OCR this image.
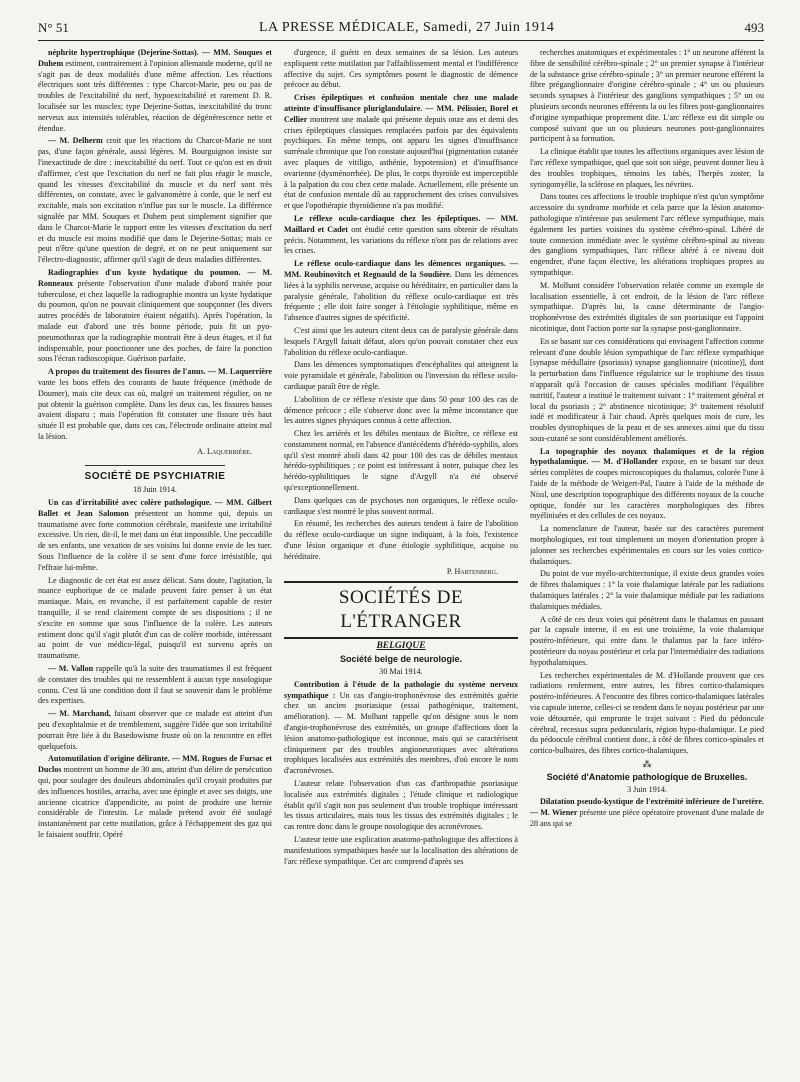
N° 51	LA PRESSE MÉDICALE, Samedi, 27 Juin 1914	493

néphrite hypertrophique (Dejerine-Sottas). — MM. Souques et Duhem estiment, contrairement à l'opinion allemande moderne, qu'il ne s'agit pas de deux modalités d'une même affection. Les réactions électriques sont très différentes : type Charcot-Marie, peu ou pas de troubles de l'excitabilité du nerf, hypoexcitabilité et rarement D. R. localisée sur les muscles; type Dejerine-Sottas, inexcitabilité du tronc nerveux aux intensités tolérables, réaction de dégénérescence nette et étendue.

— M. Delherm croit que les réactions du Charcot-Marie ne sont pas, d'une façon générale, aussi légères. M. Bourguignon insiste sur l'inexactitude de dire : inexcitabilité du nerf. Tout ce qu'on est en droit d'affirmer, c'est que l'excitation du nerf ne fait plus réagir le muscle, quand les vitesses d'excitabilité du muscle et du nerf sont très différentes, on constate, avec le galvanomètre à corde, que le nerf est excitable, mais son excitation n'influe pas sur le muscle. La différence signalée par MM. Souques et Duhem peut simplement signifier que dans le Charcot-Marie le rapport entre les vitesses d'excitation du nerf et du muscle est moins modifié que dans le Dejerine-Sottas; mais ce peut n'être qu'une question de degré, et on ne peut uniquement sur l'électro-diagnostic, affirmer qu'il s'agit de deux maladies différentes.

Radiographies d'un kyste hydatique du poumon. — M. Ronneaux présente l'observation d'une malade d'abord traitée pour tuberculose, et chez laquelle la radiographie montra un kyste hydatique du poumon, qu'on ne pouvait cliniquement que soupçonner (les divers autres procédés de laboratoire étaient négatifs). Après l'opération, la malade eut d'abord une très bonne période, puis fit un pyo-pneumothorax que la radiographie montrait être à deux étages, et il fut indispensable, pour ponctionner une des poches, de faire la ponction sous l'écran radioscopique. Guérison parfaite.

A propos du traitement des fissures de l'anus. — M. Laquerrière vante les bons effets des courants de haute fréquence (méthode de Doumer), mais cite deux cas où, malgré un traitement régulier, on ne put obtenir la guérison complète. Dans les deux cas, les fissures basses avaient disparu ; mais l'opération fit constater une fissure très haut située Il est probable que, dans ces cas, l'électrode ordinaire atteint mal la lésion.

A. Laquerrière.

SOCIÉTÉ DE PSYCHIATRIE

18 Juin 1914.

Un cas d'irritabilité avec colère pathologique. — MM. Gilbert Ballet et Jean Salomon présentent un homme qui, depuis un traumatisme avec forte commotion cérébrale, manifeste une irritabilité excessive. Un rien, dit-il, le met dans un état impossible. Une peccadille de ses enfants, une vexation de ses voisins lui donne envie de les tuer. Sous l'influence de la colère il se sent d'une force irrésistible, qui l'effraie lui-même.

Le diagnostic de cet état est assez délicat. Sans doute, l'agitation, la nuance euphorique de ce malade peuvent faire penser à un état maniaque. Mais, en revanche, il est parfaitement capable de rester tranquille, il se rend clairement compte de ses dispositions ; il ne s'excite en somme que sous l'influence de la colère. Les auteurs estiment donc qu'il s'agit plutôt d'un cas de colère morbide, intéressant au point de vue médico-légal, puisqu'il est survenu après un traumatisme.

— M. Vallon rappelle qu'à la suite des traumatismes il est fréquent de constater des troubles qui ne ressemblent à aucun type nosologique connu. C'est là une condition dont il faut se souvenir dans le problème des expertises.

— M. Marchand, faisant observer que ce malade est atteint d'un peu d'exophtalmie et de tremblement, suggère l'idée que son irritabilité pourrait être liée à du Basedowisme fruste où on la rencontre en effet quelquefois.

Automutilation d'origine délirante. — MM. Rogues de Fursac et Duclos montrent un homme de 30 ans, atteint d'un délire de persécution qui, pour soulager des douleurs abdominales qu'il croyait produites par des influences hostiles, arracha, avec une épingle et avec ses doigts, une ancienne cicatrice d'appendicite, au point de produire une hernie considérable de l'intestin. Le malade prétend avoir été soulagé instantanément par cette mutilation, grâce à l'échappement des gaz qui le faisaient souffrir. Opéré

d'urgence, il guérit en deux semaines de sa lésion. Les auteurs expliquent cette mutilation par l'affaiblissement mental et l'indifférence affective du sujet. Ces symptômes posent le diagnostic de démence précoce au début.

Crises épileptiques et confusion mentale chez une malade atteinte d'insuffisance pluriglandulaire. — MM. Pélissier, Borel et Cellier montrent une malade qui présente depuis onze ans et demi des crises épileptiques classiques remplacées parfois par des équivalents psychiques. En même temps, ont apparu les signes d'insuffisance surrénale chronique que l'on constate aujourd'hui (pigmentation cutanée avec plaques de vitiligo, asthénie, hypotension) et d'insuffisance ovarienne (dysménorrhée). De plus, le corps thyroïde est imperceptible à la palpation du cou chez cette malade. Actuellement, elle présente un état de confusion mentale dû au rapprochement des crises convulsives et que l'opothérapie thyroïdienne n'a pas modifié.

Le réflexe oculo-cardiaque chez les épileptiques. — MM. Maillard et Cadet ont étudié cette question sans obtenir de résultats précis. Notamment, les variations du réflexe n'ont pas de relations avec les crises.

Le réflexe oculo-cardiaque dans les démences organiques. — MM. Roubinovitch et Regnauld de la Soudière. Dans les démences liées à la syphilis nerveuse, acquise ou héréditaire, en particulier dans la paralysie générale, l'abolition du réflexe oculo-cardiaque est très fréquente ; elle doit faire songer à l'étiologie syphilitique, même en l'absence d'autres signes de spécificité.

C'est ainsi que les auteurs citent deux cas de paralysie générale dans lesquels l'Argyll faisait défaut, alors qu'on pouvait constater chez eux l'abolition du réflexe oculo-cardiaque.

Dans les démences symptomatiques d'encéphalites qui atteignent la voie pyramidale et générale, l'abolition ou l'inversion du réflexe oculo-cardiaque paraît être de règle.

L'abolition de ce réflexe n'existe que dans 50 pour 100 des cas de démence précoce ; elle s'observe donc avec la même inconstance que les autres signes physiques connus à cette affection.

Chez les arriérés et les débiles mentaux de Bicêtre, ce réflexe est constamment normal, en l'absence d'antécédents d'hérédo-syphilis, alors qu'il s'est montré aboli dans 42 pour 100 des cas de débiles mentaux hérédo-syphilitiques ; ce point est intéressant à noter, puisque chez les hérédo-syphilitiques le signe d'Argyll n'a été observé qu'exceptionnellement.

Dans quelques cas de psychoses non organiques, le réflexe oculo-cardiaque s'est montré le plus souvent normal.

En résumé, les recherches des auteurs tendent à faire de l'abolition du réflexe oculo-cardiaque un signe indiquant, à la fois, l'existence d'une lésion organique et d'une étiologie syphilitique, acquise ou héréditaire.

P. Hartenberg.

SOCIÉTÉS DE L'ÉTRANGER

BELGIQUE

Société belge de neurologie.

30 Mai 1914.

Contribution à l'étude de la pathologie du système nerveux sympathique : Un cas d'angio-trophonévrose des extrémités guérie chez un ancien psoriasique (essai pathogénique, traitement, amélioration). — M. Molhant rappelle qu'on désigne sous le nom d'angio-trophonévrose des extrémités, un groupe d'affections dont la lésion anatomo-pathologique est inconnue, mais qui se caractérisent cliniquement par des troubles angioneurotiques avec altérations trophiques localisées aux extrémités des membres, d'où encore le nom d'acronévroses.

L'auteur relate l'observation d'un cas d'arthropathie psoriasique localisée aux extrémités digitales ; l'étude clinique et radiologique établit qu'il s'agit non pas seulement d'un trouble trophique intéressant les tissus articulaires, mais tous les tissus des extrémités digitales ; le cas rentre donc dans le groupe nosologique des acronévroses.

L'auteur tente une explication anatomo-pathologique des affections à manifestations sympathiques basée sur la localisation des altérations de l'arc réflexe sympathique. Cet arc comprend d'après ses

recherches anatomiques et expérimentales : 1° un neurone afférent la fibre de sensibilité cérébro-spinale ; 2° un premier synapse à l'intérieur de la substance grise cérébro-spinale ; 3° un premier neurone efférent la fibre préganglionnaire d'origine cérébro-spinale ; 4° un ou plusieurs seconds synapses à l'intérieur des ganglions sympathiques ; 5° un ou plusieurs seconds neurones efférents la ou les fibres post-ganglionnaires d'origine sympathique proprement dite. L'arc réflexe est dit simple ou composé suivant que un ou plusieurs neurones post-ganglionnaires participent à sa formation.

La clinique établit que toutes les affections organiques avec lésion de l'arc réflexe sympathique, quel que soit son siège, peuvent donner lieu à des troubles trophiques, témoins les tabès, l'herpès zoster, la syringomyélie, la sclérose en plaques, les névrites.

Dans toutes ces affections le trouble trophique n'est qu'un symptôme accessoire du syndrome morbide et cela parce que la lésion anatomo-pathologique n'intéresse pas seulement l'arc réflexe sympathique, mais également les parties voisines du système cérébro-spinal. Libéré de toute connexion immédiate avec le système cérébro-spinal au niveau des ganglions sympathiques, l'arc réflexe altéré à ce niveau doit engendrer, d'une façon élective, les altérations trophiques propres au sympathique.

M. Molhant considère l'observation relatée comme un exemple de localisation essentielle, à cet endroit, de la lésion de l'arc réflexe sympathique. D'après lui, la cause déterminante de l'angio-trophonévrose des extrémités digitales de son psoriasique est l'appoint nicotinique, dont l'action porte sur la synapse post-ganglionnaire.

En se basant sur ces considérations qui envisagent l'affection comme relevant d'une double lésion sympathique de l'arc réflexe sympathique [synapse médullaire (psoriasis) synapse ganglionnaire (nicotine)], dont la perturbation dans l'influence régulatrice sur le trophisme des tissus n'apparaît qu'à l'occasion de causes spéciales modifiant l'équilibre nutritif, l'auteur a institué le traitement suivant : 1° traitement général et local du psoriasis ; 2° abstinence nicotinique; 3° traitement résolutif iodé et modificateur à l'air chaud. Après quelques mois de cure, les troubles dystrophiques de la peau et de ses annexes ainsi que du tissu sous-cutané se sont considérablement améliorés.

La topographie des noyaux thalamiques et de la région hypothalamique. — M. d'Hollander expose, en se basant sur deux séries complètes de coupes microscopiques du thalamus, colorée l'une à l'aide de la méthode de Weigert-Pal, l'autre à l'aide de la méthode de Nissl, une description topographique des différents noyaux de la couche optique, fondée sur les caractères morphologiques des fibres myélinisées et des cellules de ces noyaux.

La nomenclature de l'auteur, basée sur des caractères purement morphologiques, est tout simplement un moyen d'orientation propre à jalonner ses recherches expérimentales en cours sur les voies cortico-thalamiques.

Du point de vue myélo-architectonique, il existe deux grandes voies de fibres thalamiques : 1° la voie thalamique latérale par les radiations thalamiques latérales ; 2° la voie thalamique médiale par les radiations thalamiques médiales.

A côté de ces deux voies qui pénètrent dans le thalamus en passant par la capsule interne, il en est une troisième, la voie thalamique postéro-inférieure, qui entre dans le thalamus par la face inféro-postérieure du noyau postérieur et cela par l'intermédiaire des radiations hypothalamiques.

Les recherches expérimentales de M. d'Hollande prouvent que ces radiations renferment, entre autres, les fibres cortico-thalamiques postéro-inférieures. A l'encontre des fibres cortico-thalamiques latérales via capsule interne, celles-ci se rendent dans le noyau postérieur par une voie détournée, qui emprunte le trajet suivant : Pied du pédoncule cérébral, recessus supra peduncularis, région hypo-thalamique. Le pied du pédoncule cérébral contient donc, à côté de fibres cortico-spinales et cortico-bulbaires, des fibres cortico-thalamiques.

⁂

Société d'Anatomie pathologique de Bruxelles.

3 Juin 1914.

Dilatation pseudo-kystique de l'extrémité inférieure de l'uretère. — M. Wiener présente une pièce opératoire provenant d'une malade de 28 ans qui se
